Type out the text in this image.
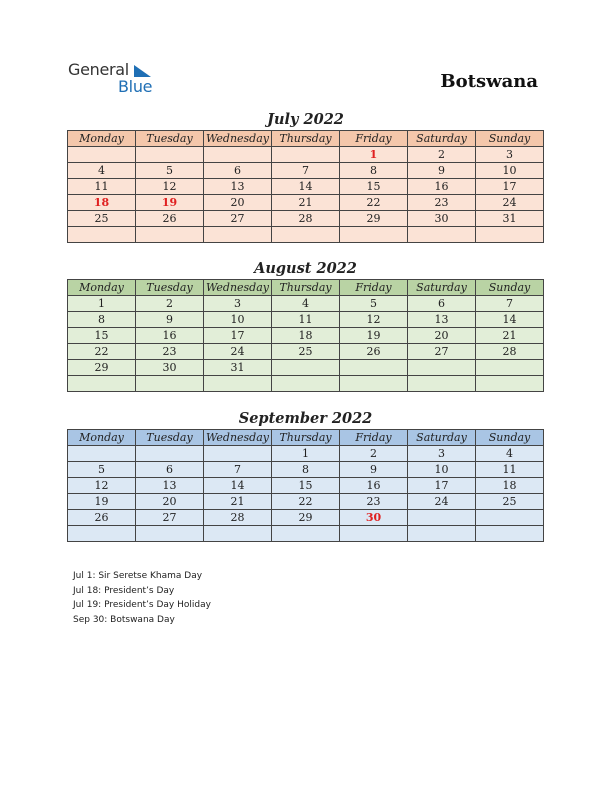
General
Blue	Botswana
July 2022
Monday	Tuesday	Wednesday	Thursday	Friday	Saturday	Sunday
				1	2	3
4	5	6	7	8	9	10
11	12	13	14	15	16	17
18	19	20	21	22	23	24
25	26	27	28	29	30	31

August 2022
Monday	Tuesday	Wednesday	Thursday	Friday	Saturday	Sunday
1	2	3	4	5	6	7
8	9	10	11	12	13	14
15	16	17	18	19	20	21
22	23	24	25	26	27	28
29	30	31				

September 2022
Monday	Tuesday	Wednesday	Thursday	Friday	Saturday	Sunday
			1	2	3	4
5	6	7	8	9	10	11
12	13	14	15	16	17	18
19	20	21	22	23	24	25
26	27	28	29	30		

Jul 1: Sir Seretse Khama Day
Jul 18: President’s Day
Jul 19: President’s Day Holiday
Sep 30: Botswana Day
